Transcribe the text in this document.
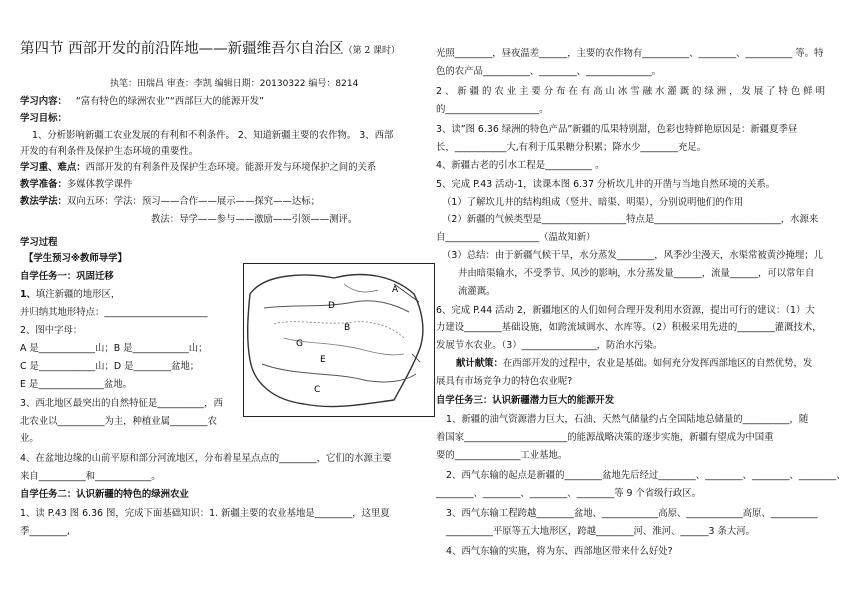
第四节 西部开发的前沿阵地——新疆维吾尔自治区（第 2 课时）
执笔：田瑞昌 审查：李凯 编辑日期：20130322 编号：8214
学习内容： “富有特色的绿洲农业”“西部巨大的能源开发”
学习目标：
1、分析影响新疆工农业发展的有利和不利条件。 2、知道新疆主要的农作物。 3、西部
开发的有利条件及保护生态环境的重要性。
学习重、难点：西部开发的有利条件及保护生态环境。能源开发与环境保护之间的关系
教学准备：多媒体教学课件
教法学法：双向五环：学法：预习——合作——展示——探究——达标；
教法：导学——参与——激励——引领——测评。
学习过程
【学生预习※教师导学】
自学任务一：巩固迁移
1、填注新疆的地形区，
并归纳其地形特点：______________________
2、图中字母：
A 是____________山；B 是____________山；
C 是____________山；D 是________盆地；
E 是______________盆地。
3、西北地区最突出的自然特征是__________，西
北农业以__________为主，种植业属________农
业。
4、在盆地边缘的山前平原和部分河流地区，分布着星星点点的________，它们的水源主要
来自__________和____________。
自学任务二：认识新疆的特色的绿洲农业
1、读 P.43 图 6.36 图，完成下面基础知识：1. 新疆主要的农业基地是________，这里夏
季________,
A
B
C
D
E
G
光照________，昼夜温差______，主要的农作物有__________、________、__________ 等。特
色的农产品__________、________、______________。
2 、 新 疆 的 农 业 主 要 分 布 在 有 高 山 冰 雪 融 水 灌 溉 的 绿 洲 ， 发 展 了 特 色 鲜 明
的____________________。
3、读”图 6.36 绿洲的特色产品”新疆的瓜果特别甜，色彩也特鲜艳原因是：新疆夏季昼
长，___________大,有利于瓜果糖分积累；降水少________充足。
4、新疆古老的引水工程是__________ 。
5、完成 P.43 活动-1，读课本图 6.37 分析坎儿井的开凿与当地自然环境的关系。
（1）了解坎儿井的结构组成（竖井、暗渠、明渠），分别说明他们的作用
（2）新疆的气候类型是__________________特点是___________________________，水源来
自____________________（温故知新）
（3）总结：由于新疆气候干旱，水分蒸发________，风季沙尘漫天，水渠常被黄沙掩埋；儿
井由暗渠输水，不受季节、风沙的影响，水分蒸发量______，流量______，可以常年自
流灌溉。
6、完成 P.44 活动 2，新疆地区的人们如何合理开发利用水资源，提出可行的建议：（1）大
力建设________基础设施，如跨流域调水、水库等。（2）积极采用先进的________灌溉技术，
发展节水农业。（3）________________，防治水污染。
献计献策：在西部开发的过程中，农业是基础。如何充分发挥西部地区的自然优势，发
展具有市场竞争力的特色农业呢?
自学任务三：认识新疆潜力巨大的能源开发
1、新疆的油气资源潜力巨大，石油、天然气储量约占全国陆地总储量的__________，随
着国家______________________的能源战略决策的逐步实施，新疆有望成为中国重
要的______________工业基地。
2、西气东输的起点是新疆的________盆地先后经过________、________、________、________、
________、________、________、________等 9 个省级行政区。
3、西气东输工程跨越________盆地、____________高原、____________高原、__________
__________平原等五大地形区，跨越________河、淮河、______3 条大河。
4、西气东输的实施，将为东、西部地区带来什么好处?
